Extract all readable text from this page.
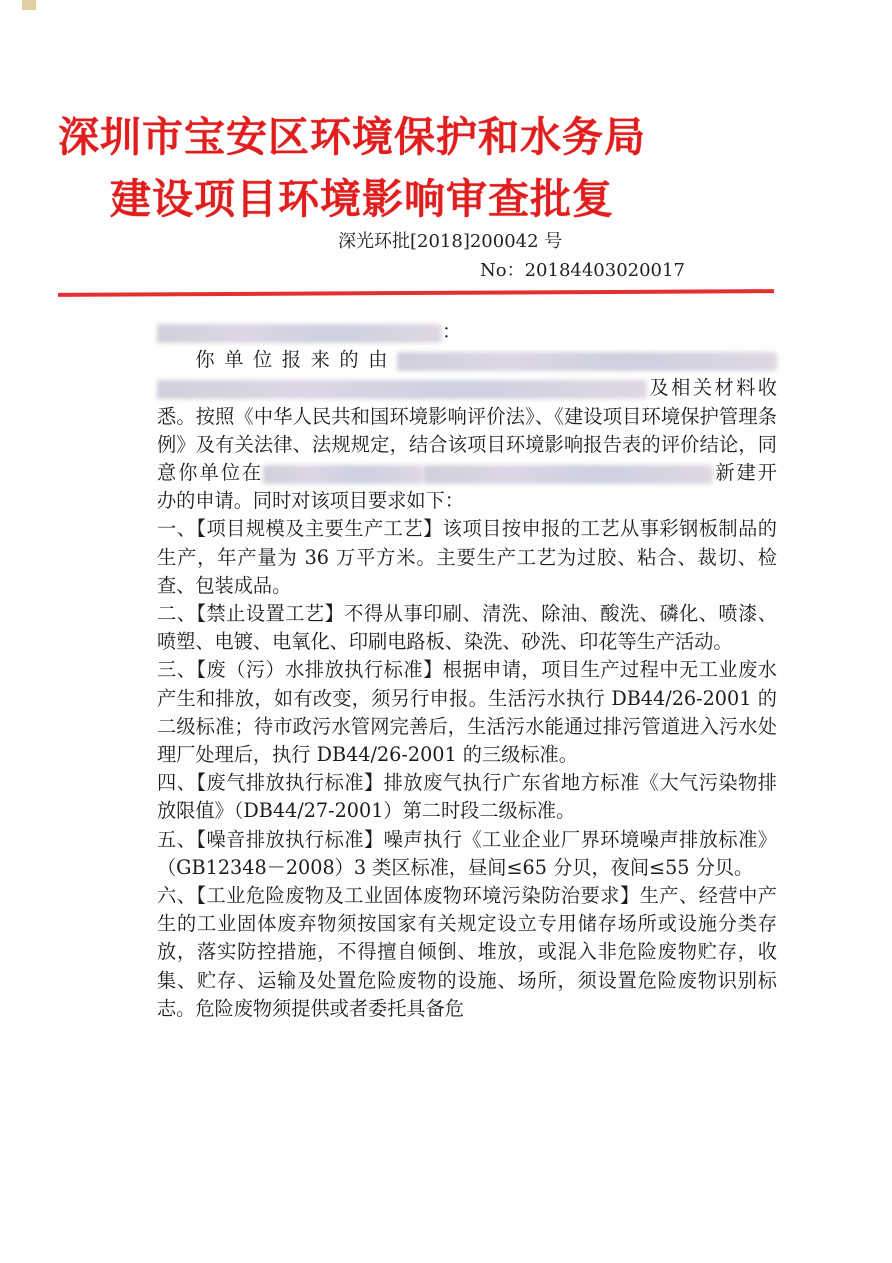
深圳市宝安区环境保护和水务局
建设项目环境影响审查批复
深光环批[2018]200042 号
No：20184403020017

：

你单位报来的由及相关材料收悉。按照《中华人民共和国环境影响评价法》、《建设项目环境保护管理条例》及有关法律、法规规定，结合该项目环境影响报告表的评价结论，同意你单位在	新建开办的申请。同时对该项目要求如下：

一、【项目规模及主要生产工艺】该项目按申报的工艺从事彩钢板制品的生产，年产量为 36 万平方米。主要生产工艺为过胶、粘合、裁切、检查、包装成品。

二、【禁止设置工艺】不得从事印刷、清洗、除油、酸洗、磷化、喷漆、喷塑、电镀、电氧化、印刷电路板、染洗、砂洗、印花等生产活动。

三、【废（污）水排放执行标准】根据申请，项目生产过程中无工业废水产生和排放，如有改变，须另行申报。生活污水执行 DB44/26-2001 的二级标准；待市政污水管网完善后，生活污水能通过排污管道进入污水处理厂处理后，执行 DB44/26-2001 的三级标准。

四、【废气排放执行标准】排放废气执行广东省地方标准《大气污染物排放限值》（DB44/27-2001）第二时段二级标准。

五、【噪音排放执行标准】噪声执行《工业企业厂界环境噪声排放标准》（GB12348－2008）3 类区标准，昼间≤65 分贝，夜间≤55 分贝。

六、【工业危险废物及工业固体废物环境污染防治要求】生产、经营中产生的工业固体废弃物须按国家有关规定设立专用储存场所或设施分类存放，落实防控措施，不得擅自倾倒、堆放，或混入非危险废物贮存，收集、贮存、运输及处置危险废物的设施、场所，须设置危险废物识别标志。危险废物须提供或者委托具备危
